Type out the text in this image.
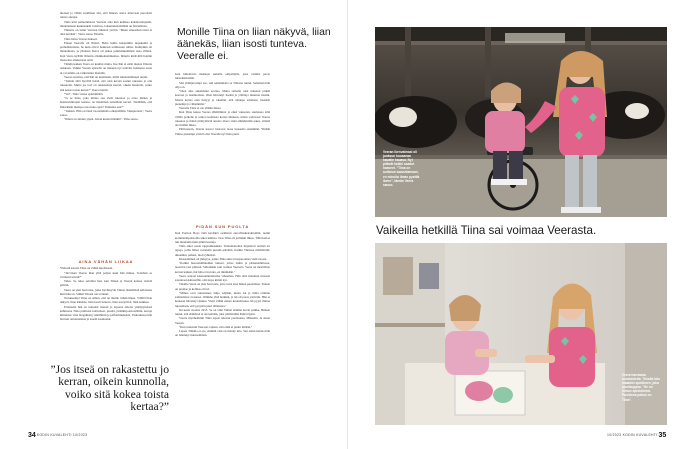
lkoisen ja vähän surullisen sitä, että häneen asuva innovaan perodatai tuntaa anrajaa.

Tiina kävi kainommassa Veeraan aina kun keltikaa kalentorittajantti, muuntamaan kuukaudem valoittoa, lokauitekuvittämän on fattteihtaan.

Tiinanta on tullut Veeraan lähettan ystävä. "Ilman sinuaahan tässä ei olisi kertään", Veera sanoo Tiinalle.

Tiina halaa Veeraa tiukasti.

Ennen Veeralla oli Ilmari. Hetta kuhta kutsutilitin majakalnd ja perhemäomana, he kuin olivat hokkaan toimissaan tulina. Kumpikin oli muutahtona, ja ylisiteen haave oli jatkaa jommankumman rasia viihteä. Kun Veera kyllälti Ilmarin allaikkohammemaa, Ilmarin kiitävällä hoitäin maaronsa aliakertaan antti.

Tämän kaiken Veera on kuullut mutta. Itse hän ei enää muista Ilmaria tarkkaan. Vaikka Veeran ajatsella on muuten nyt terävää, kolmetaa saata ui vovamma on vaikuttanut muistiin.

Veeraa surettaa, että hän on unohtanut, miltä takaantamineen tuntui.

"Tuntuu siltä hyvältä tietää, että olen kerran saanut rakastaa ja olla rakastettu. Mutta jos tovi on rakastettuja kerran, oikein kunnolla, voiko sitä kokea toista kertaa?" Veera miettii.

"Voi", Tiina vastaa epäröimättä.

"Ja se mies, joka minua sau vielä rakastaa ja ottaa minun ja haamorimirajasi kanssa, on maailman onnellisin kaveri. Tiedäthän, että Ilmarinkin mempoa naa koko ajan? Tunnetko sen?"

"Tunnen. Hän on tässä vuoremmalla olkapäälläni. Takapterana", Veera sanoo.

"Ilmari on sinuun ylpeä. Aivan kuten minäkin", Tiina sanoo.

AINA VÄHÄN LIIKAA

Yhdestä asiasta Tiina on vähän huolissaan.

"Tarvitsen Veeraa ihan yhtä paljon kuin hän minua. Tolerhan se varmasti selvää?"

Tulee. Se tulee selväksi heti, kun Tiinan ja Veeran kanssa viettää päivän.

Veera on yksi harvoista, jotka hyväksyvät Tiinan täsmällistä sellaisena kuin hän on. Siihen Tiinasi ole tottunut.

Tottuneempi Tiina on siihen, että on muille vähän liikaa. Välillä liian näkyvä, liian äänekäs, liian isosti tunteva, liian leveyttävä, liian kaikkea.

Erilaiselsi hän on tuntenut itsensä jo lapsena aidotta yökäytyneissä kahmossa Tiina pulmoisi leiritelieet, pisaltä, järitäkirjoastoteiltäin, koruja kiliutulee viire blogahistig vinttihinin ja palfottimuksista. Viakoulussa hän harrasti taitoluistelua ja isoeiti ksoikonut.

Monille Tiina on liian näkyvä, liian äänekäs, liian isosti tunteva. Veeralle ei.

Iaan kimaltavia mekkoja samalla ompelijalla, joka vaimisi puvat luistelukisoihin.

Sitä ylämpuvampi aso, sitä omemmalta se Tiinasta tuntui. Sellainen hän ollja on.

"Olen aina ankahtanut erottua. Mutta samalla olen tuntenut pitkää kasvaet ja naamioitaan. Olen hävennyt itseäni ja yrittänyt muuttua itseäni. Monta kertaa olen tienyyt ja rakelhut, että olisinpa erilainen, itsenkin pienempi ja vähemmän."

Veeralle Tiina ei ole yhtään liikaa.

Kun Tiina kuuaa Veeraa tähtitilmissi ja eiksi vakaaren, suuletuaa siltä väliltä poikelle ja samoo kolmasta kertaa äänneen, miten valtavasti Veeraa rakastaa ja miten järmyttävää antoita Veera vielä elämäsisään tekee, siinätä ole mitään liikaa.

Päinvastoin, Veeran kasvot loistavat laase luuseelta enemmän. Yhtään Tiinaa pienempi ystävä olisi Veeralle nyt liian pieni.

PIDÄN SUN PUOLTA

Kun Portion Boys tänä keväänä osallistui eurovihsukarsintoihin, neitin kommenttipalstoilla alkoi kuhista. Taas Tiina oli joillekin liikaa. Tällä kertaa tuli muutakin kuin pitkiä kaaruja.

Tiina alkoi saada tappouhkauksia. Tuntemattomat linjaisivat netissä eri tapoja, joilla hänet voitaisiin piestää päivältä. Kaikki Tiinassa mitätöittiin: ulkonäkö, puheet, moti ryhtensä.

Kiusaaminen oli järkytys, jonka Tiina anko irruopuoomaa vielä vuosia.

"Kaikki busoomminudden tunteet, joitsa laulin ja pääsenemmossa, nousivat taas pintaan. Sillointkin sain voimaa Veerasta. Veera on mestttänyt kerran kaiken, hui hän ei luovuta, en minäkään."

Veera seurasi kisasaiennuistaiisa vihaamaa. Hän olisi halunnut marssia satonnaan kinsaaillle, että turpa kiinni nyt.

Tinaille Veera on yksi harvoista, joita voisi aina hänen puolellaan. Toinen on puoliso ja kolmas oli isä.

"Minua ovat rakastaneet äitija veljikin, mutta isä ja minä olimme samanlaiset avasussa. Olimme yhtä herkkiä, ja isä oli paras ystäväni. Hän ei koskaan hävennyt minua. Vielä vähän ennen kuolemaansa isä pyysi minua lupaamaan, että pysyisin juuri tällaisena."

Isä kuoli vuonna 2015. Se on ollut Tiinan elämän kovin paikka. Hetken tuntui, että elämässä ei ole keitään, joka ymmärtäisi häntä täysin.

Vuotta myöhemmin Tiina tapasi tulevan puolisonsa, Mikaelin. Ja sitten Veeran.

"Kun tutustuin Veeraan, tajusin, että enää ei puutu mitään."

Lapsia Tiinalla ei ole, eläimiä vain on menny nito. Sen antan kanssa hän on lehennyt mietoemman.

”Jos itseä on rakastettu jo kerran, oikein kunnolla, voiko sitä kokea toista kertaa?”
34 KODIN KUVALEHTI 10/2023
Veeran ikenvaimasi oli juoksun kuusanaa kauatin kauasa. Nyt pitävät kaikki saadut haaveet. "Tiina on auttanut saavuttamaan, en minulta ilman pysttiä ikeen", tämän Veera sanoo.
Vaikeilla hetkillä Tiina sai voimaa Veerasta.
Veera harrastaa kuvataidetta. Tiinalla hän maalaisi spottimen, joka puolisuppaa. "Se on minun opiskelema. Puolitona pahus on Tiina".
10/2023 KODIN KUVALEHTI 35
